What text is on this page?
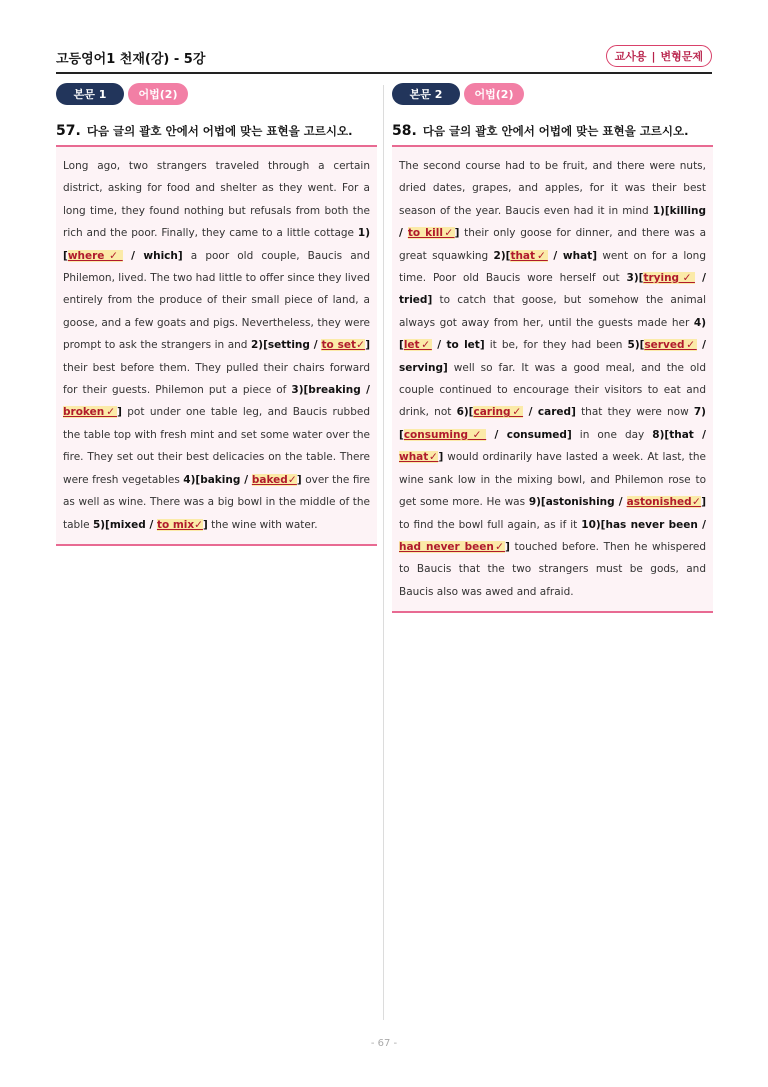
고등영어1 천재(강) - 5강	교사용 | 변형문제
본문 1	어법(2)
57. 다음 글의 괄호 안에서 어법에 맞는 표현을 고르시오.
Long ago, two strangers traveled through a certain district, asking for food and shelter as they went. For a long time, they found nothing but refusals from both the rich and the poor. Finally, they came to a little cottage 1)[where✓ / which] a poor old couple, Baucis and Philemon, lived. The two had little to offer since they lived entirely from the produce of their small piece of land, a goose, and a few goats and pigs. Nevertheless, they were prompt to ask the strangers in and 2)[setting / to set✓] their best before them. They pulled their chairs forward for their guests. Philemon put a piece of 3)[breaking / broken✓] pot under one table leg, and Baucis rubbed the table top with fresh mint and set some water over the fire. They set out their best delicacies on the table. There were fresh vegetables 4)[baking / baked✓] over the fire as well as wine. There was a big bowl in the middle of the table 5)[mixed / to mix✓] the wine with water.
본문 2	어법(2)
58. 다음 글의 괄호 안에서 어법에 맞는 표현을 고르시오.
The second course had to be fruit, and there were nuts, dried dates, grapes, and apples, for it was their best season of the year. Baucis even had it in mind 1)[killing / to kill✓] their only goose for dinner, and there was a great squawking 2)[that✓ / what] went on for a long time. Poor old Baucis wore herself out 3)[trying✓ / tried] to catch that goose, but somehow the animal always got away from her, until the guests made her 4)[let✓ / to let] it be, for they had been 5)[served✓ / serving] well so far. It was a good meal, and the old couple continued to encourage their visitors to eat and drink, not 6)[caring✓ / cared] that they were now 7)[consuming✓ / consumed] in one day 8)[that / what✓] would ordinarily have lasted a week. At last, the wine sank low in the mixing bowl, and Philemon rose to get some more. He was 9)[astonishing / astonished✓] to find the bowl full again, as if it 10)[has never been / had never been✓] touched before. Then he whispered to Baucis that the two strangers must be gods, and Baucis also was awed and afraid.
- 67 -
